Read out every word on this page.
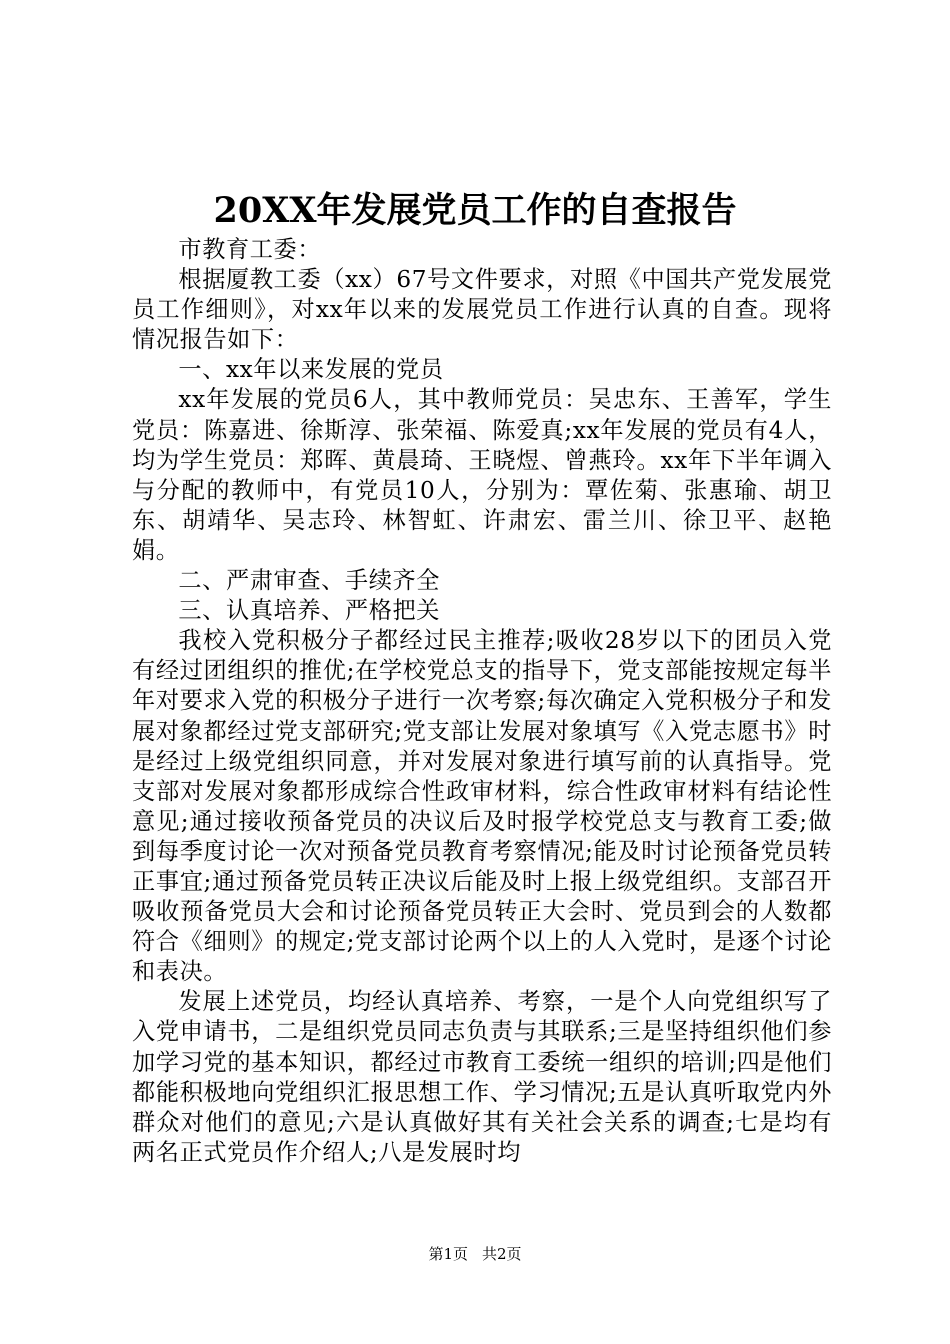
20XX年发展党员工作的自查报告

市教育工委：

根据厦教工委（xx）67号文件要求，对照《中国共产党发展党员工作细则》，对xx年以来的发展党员工作进行认真的自查。现将情况报告如下：

一、xx年以来发展的党员

xx年发展的党员6人，其中教师党员：吴忠东、王善军，学生党员：陈嘉进、徐斯淳、张荣福、陈爱真;xx年发展的党员有4人，均为学生党员：郑晖、黄晨琦、王晓煜、曾燕玲。xx年下半年调入与分配的教师中，有党员10人，分别为：覃佐菊、张惠瑜、胡卫东、胡靖华、吴志玲、林智虹、许肃宏、雷兰川、徐卫平、赵艳娟。

二、严肃审查、手续齐全

三、认真培养、严格把关

我校入党积极分子都经过民主推荐;吸收28岁以下的团员入党有经过团组织的推优;在学校党总支的指导下，党支部能按规定每半年对要求入党的积极分子进行一次考察;每次确定入党积极分子和发展对象都经过党支部研究;党支部让发展对象填写《入党志愿书》时是经过上级党组织同意，并对发展对象进行填写前的认真指导。党支部对发展对象都形成综合性政审材料，综合性政审材料有结论性意见;通过接收预备党员的决议后及时报学校党总支与教育工委;做到每季度讨论一次对预备党员教育考察情况;能及时讨论预备党员转正事宜;通过预备党员转正决议后能及时上报上级党组织。支部召开吸收预备党员大会和讨论预备党员转正大会时、党员到会的人数都符合《细则》的规定;党支部讨论两个以上的人入党时，是逐个讨论和表决。

发展上述党员，均经认真培养、考察，一是个人向党组织写了入党申请书，二是组织党员同志负责与其联系;三是坚持组织他们参加学习党的基本知识，都经过市教育工委统一组织的培训;四是他们都能积极地向党组织汇报思想工作、学习情况;五是认真听取党内外群众对他们的意见;六是认真做好其有关社会关系的调查;七是均有两名正式党员作介绍人;八是发展时均

第1页 共2页
